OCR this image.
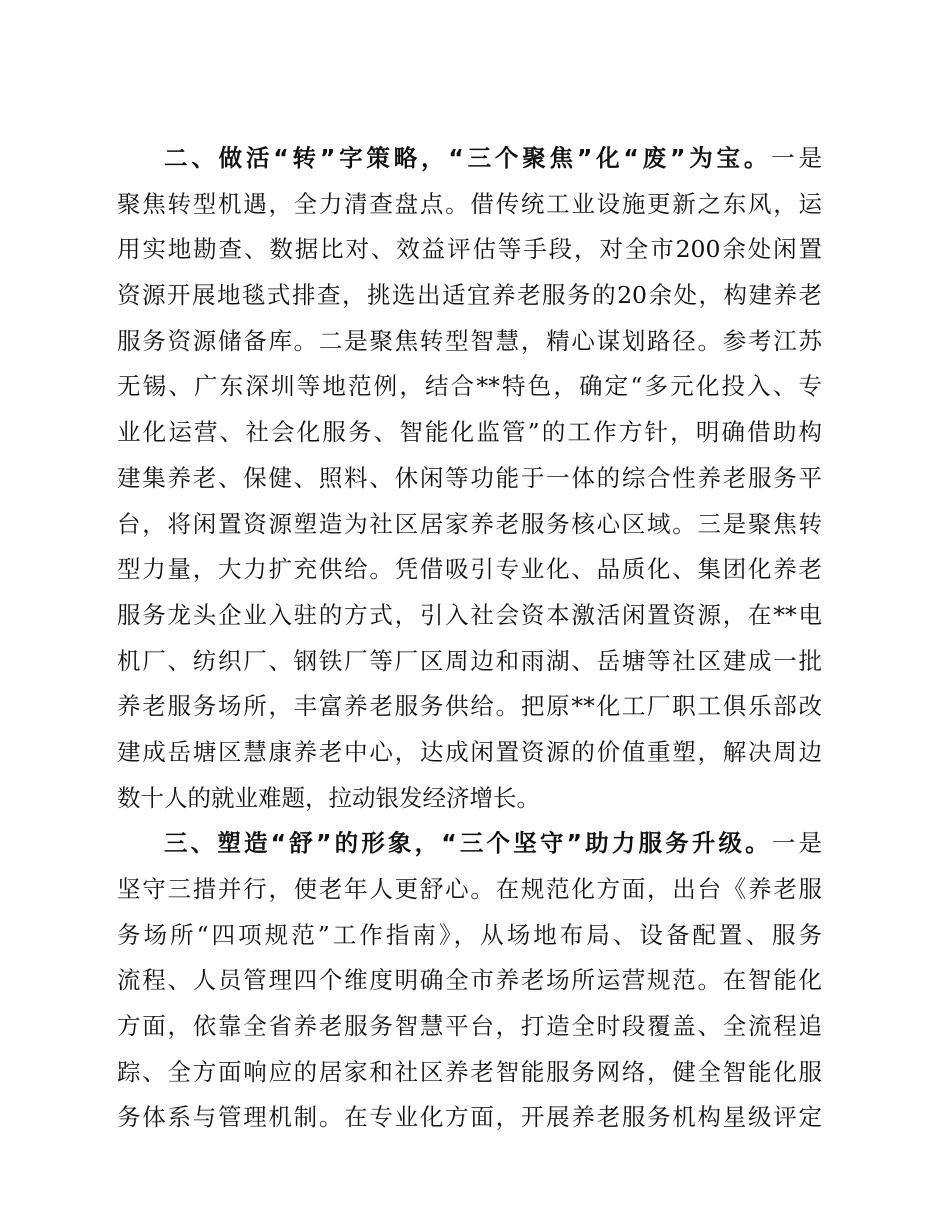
二、做活“转”字策略，“三个聚焦”化“废”为宝。一是
聚焦转型机遇，全力清查盘点。借传统工业设施更新之东风，运
用实地勘查、数据比对、效益评估等手段，对全市200余处闲置
资源开展地毯式排查，挑选出适宜养老服务的20余处，构建养老
服务资源储备库。二是聚焦转型智慧，精心谋划路径。参考江苏
无锡、广东深圳等地范例，结合**特色，确定“多元化投入、专
业化运营、社会化服务、智能化监管”的工作方针，明确借助构
建集养老、保健、照料、休闲等功能于一体的综合性养老服务平
台，将闲置资源塑造为社区居家养老服务核心区域。三是聚焦转
型力量，大力扩充供给。凭借吸引专业化、品质化、集团化养老
服务龙头企业入驻的方式，引入社会资本激活闲置资源，在**电
机厂、纺织厂、钢铁厂等厂区周边和雨湖、岳塘等社区建成一批
养老服务场所，丰富养老服务供给。把原**化工厂职工俱乐部改
建成岳塘区慧康养老中心，达成闲置资源的价值重塑，解决周边
数十人的就业难题，拉动银发经济增长。
三、塑造“舒”的形象，“三个坚守”助力服务升级。一是
坚守三措并行，使老年人更舒心。在规范化方面，出台《养老服
务场所“四项规范”工作指南》，从场地布局、设备配置、服务
流程、人员管理四个维度明确全市养老场所运营规范。在智能化
方面，依靠全省养老服务智慧平台，打造全时段覆盖、全流程追
踪、全方面响应的居家和社区养老智能服务网络，健全智能化服
务体系与管理机制。在专业化方面，开展养老服务机构星级评定
